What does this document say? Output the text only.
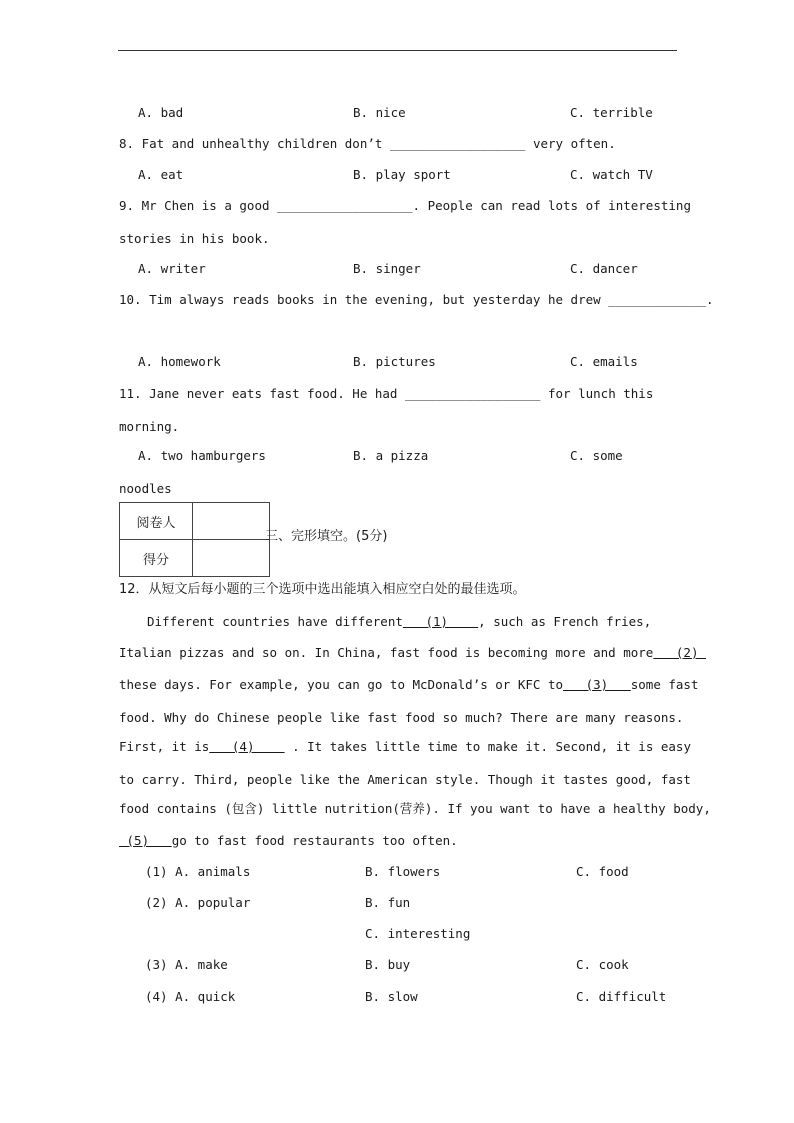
A. bad	B. nice	C. terrible
8. Fat and unhealthy children don’t __________________ very often.
A. eat	B. play sport	C. watch TV
9. Mr Chen is a good __________________. People can read lots of interesting
stories in his book.
A. writer	B. singer	C. dancer
10. Tim always reads books in the evening, but yesterday he drew _____________.
A. homework	B. pictures	C. emails
11. Jane never eats fast food. He had __________________ for lunch this
morning.
A. two hamburgers	B. a pizza	C. some
noodles
阅卷人	
得分	
三、完形填空。(5分)
12．从短文后每小题的三个选项中选出能填入相应空白处的最佳选项。
Different countries have different   (1)    , such as French fries,
Italian pizzas and so on. In China, fast food is becoming more and more   (2)
these days. For example, you can go to McDonald’s or KFC to   (3)   some fast
food. Why do Chinese people like fast food so much? There are many reasons.
First, it is   (4)     . It takes little time to make it. Second, it is easy
to carry. Third, people like the American style. Though it tastes good, fast
food contains (包含) little nutrition(营养). If you want to have a healthy body,
(5)   go to fast food restaurants too often.
(1) A. animals	B. flowers	C. food
(2) A. popular	B. fun
C. interesting
(3) A. make	B. buy	C. cook
(4) A. quick	B. slow	C. difficult
